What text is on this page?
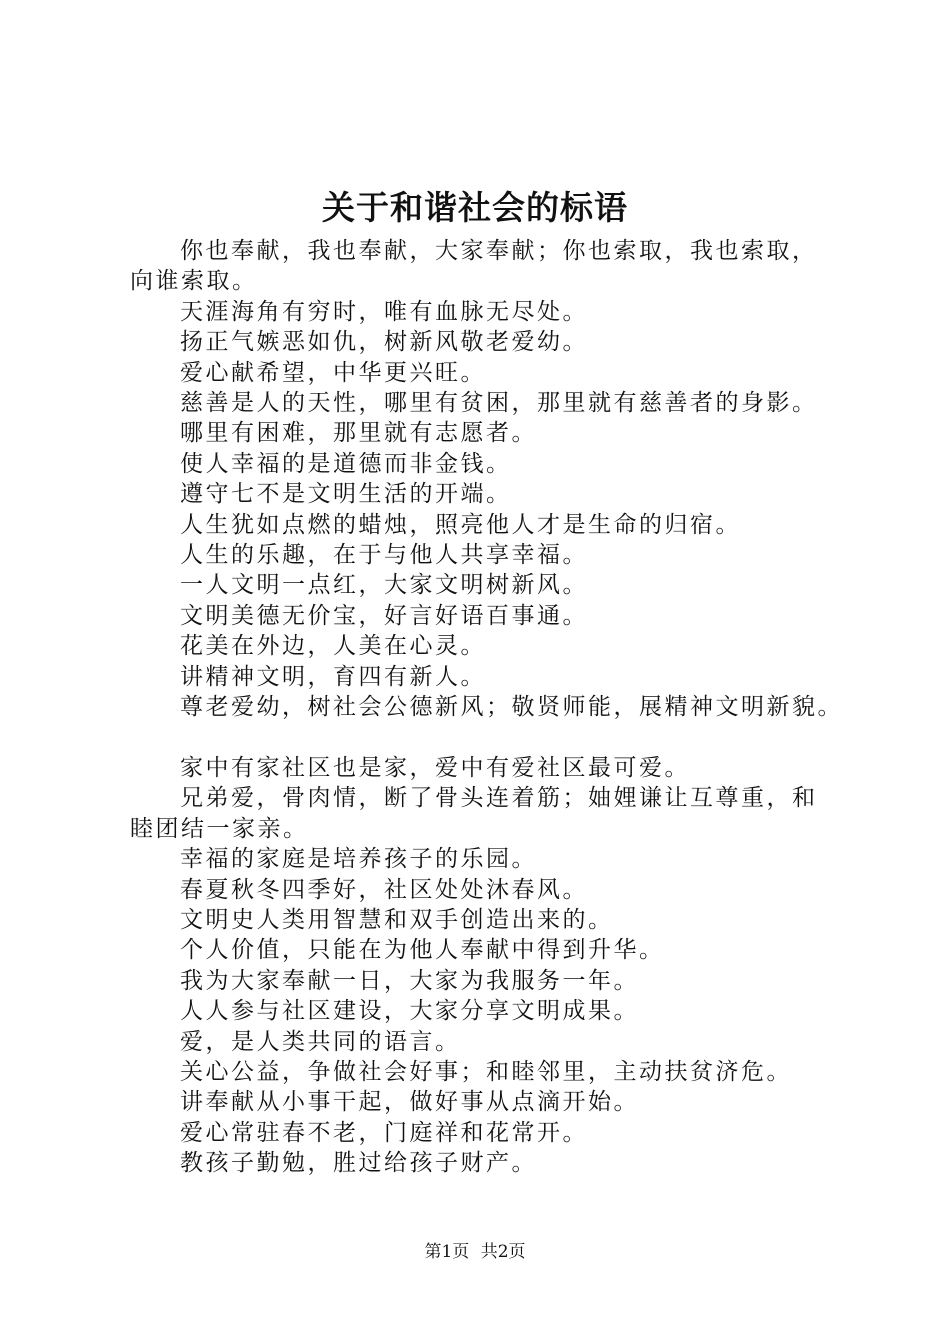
关于和谐社会的标语

你也奉献，我也奉献，大家奉献；你也索取，我也索取，向谁索取。

天涯海角有穷时，唯有血脉无尽处。

扬正气嫉恶如仇，树新风敬老爱幼。

爱心献希望，中华更兴旺。

慈善是人的天性，哪里有贫困，那里就有慈善者的身影。

哪里有困难，那里就有志愿者。

使人幸福的是道德而非金钱。

遵守七不是文明生活的开端。

人生犹如点燃的蜡烛，照亮他人才是生命的归宿。

人生的乐趣，在于与他人共享幸福。

一人文明一点红，大家文明树新风。

文明美德无价宝，好言好语百事通。

花美在外边，人美在心灵。

讲精神文明，育四有新人。

尊老爱幼，树社会公德新风；敬贤师能，展精神文明新貌。

家中有家社区也是家，爱中有爱社区最可爱。

兄弟爱，骨肉情，断了骨头连着筋；妯娌谦让互尊重，和睦团结一家亲。

幸福的家庭是培养孩子的乐园。

春夏秋冬四季好，社区处处沐春风。

文明史人类用智慧和双手创造出来的。

个人价值，只能在为他人奉献中得到升华。

我为大家奉献一日，大家为我服务一年。

人人参与社区建设，大家分享文明成果。

爱，是人类共同的语言。

关心公益，争做社会好事；和睦邻里，主动扶贫济危。

讲奉献从小事干起，做好事从点滴开始。

爱心常驻春不老，门庭祥和花常开。

教孩子勤勉，胜过给孩子财产。

第1页 共2页
